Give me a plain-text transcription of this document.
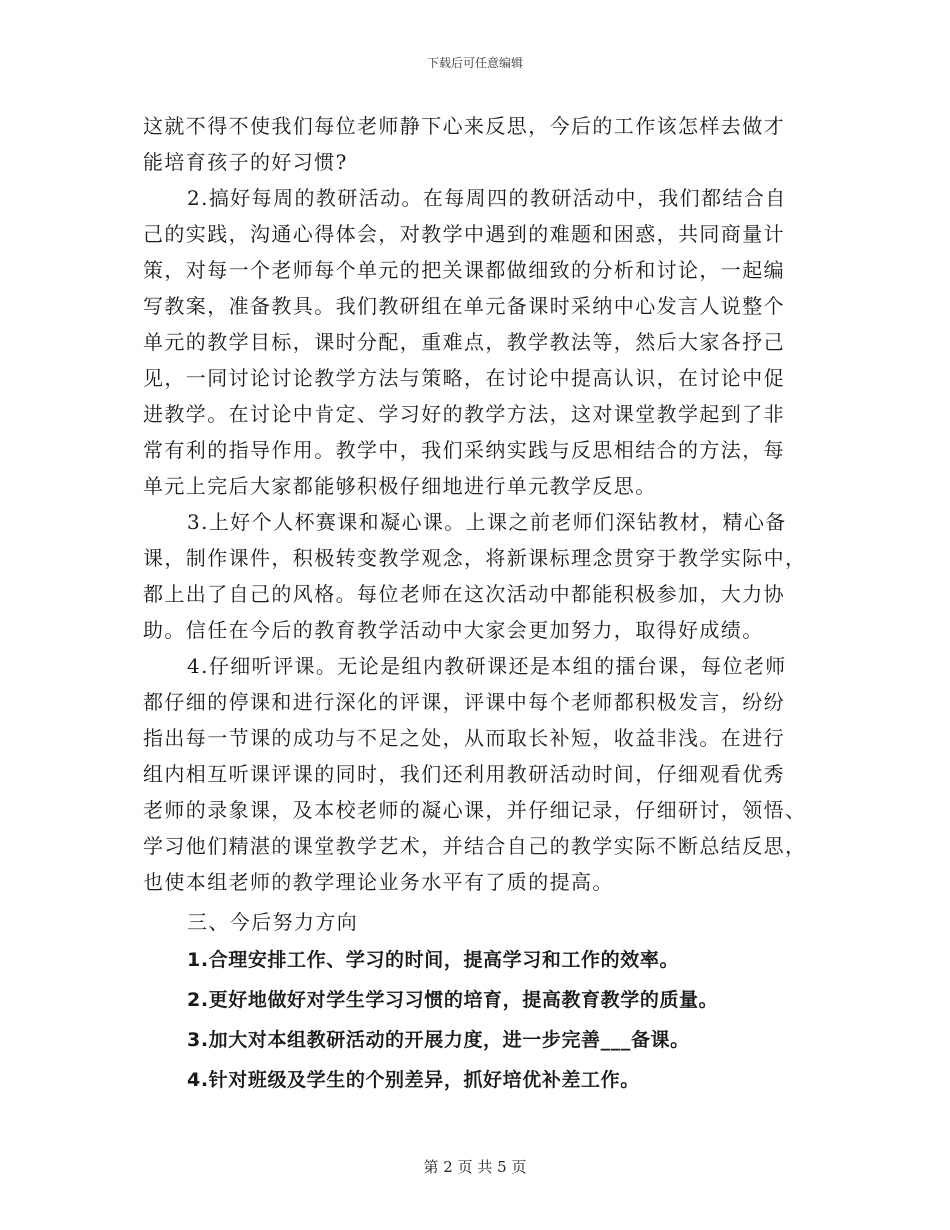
下载后可任意编辑
这就不得不使我们每位老师静下心来反思，今后的工作该怎样去做才
能培育孩子的好习惯?
2.搞好每周的教研活动。在每周四的教研活动中，我们都结合自
己的实践，沟通心得体会，对教学中遇到的难题和困惑，共同商量计
策，对每一个老师每个单元的把关课都做细致的分析和讨论，一起编
写教案，准备教具。我们教研组在单元备课时采纳中心发言人说整个
单元的教学目标，课时分配，重难点，教学教法等，然后大家各抒己
见，一同讨论讨论教学方法与策略，在讨论中提高认识，在讨论中促
进教学。在讨论中肯定、学习好的教学方法，这对课堂教学起到了非
常有利的指导作用。教学中，我们采纳实践与反思相结合的方法，每
单元上完后大家都能够积极仔细地进行单元教学反思。
3.上好个人杯赛课和凝心课。上课之前老师们深钻教材，精心备
课，制作课件，积极转变教学观念，将新课标理念贯穿于教学实际中，
都上出了自己的风格。每位老师在这次活动中都能积极参加，大力协
助。信任在今后的教育教学活动中大家会更加努力，取得好成绩。
4.仔细听评课。无论是组内教研课还是本组的擂台课，每位老师
都仔细的停课和进行深化的评课，评课中每个老师都积极发言，纷纷
指出每一节课的成功与不足之处，从而取长补短，收益非浅。在进行
组内相互听课评课的同时，我们还利用教研活动时间，仔细观看优秀
老师的录象课，及本校老师的凝心课，并仔细记录，仔细研讨，领悟、
学习他们精湛的课堂教学艺术，并结合自己的教学实际不断总结反思，
也使本组老师的教学理论业务水平有了质的提高。
三、今后努力方向
1.合理安排工作、学习的时间，提高学习和工作的效率。
2.更好地做好对学生学习习惯的培育，提高教育教学的质量。
3.加大对本组教研活动的开展力度，进一步完善___备课。
4.针对班级及学生的个别差异，抓好培优补差工作。
第 2 页 共 5 页
